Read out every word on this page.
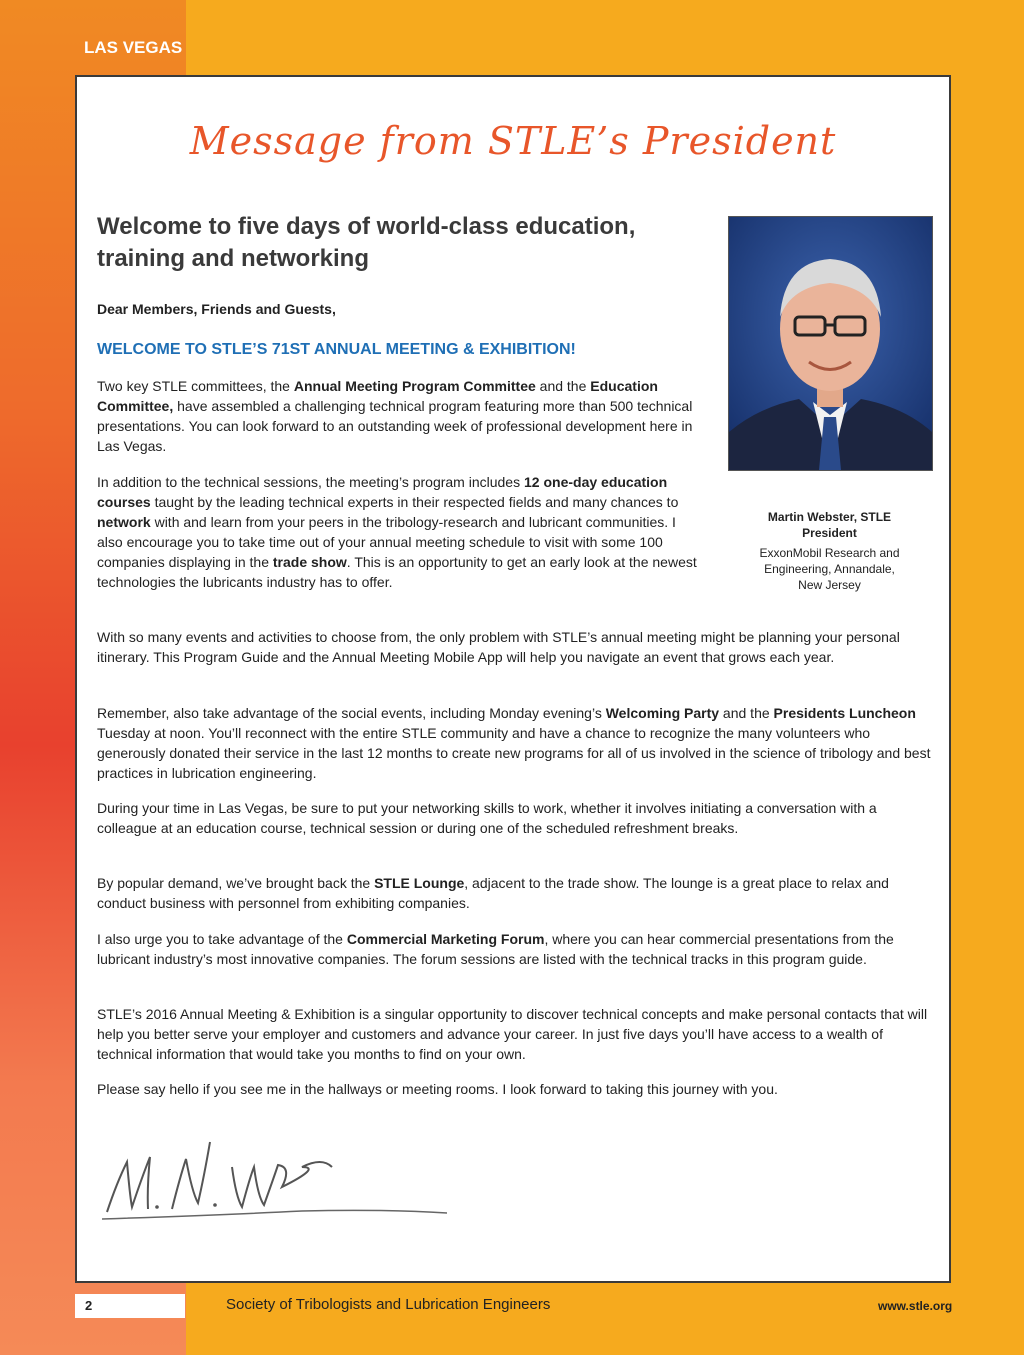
LAS VEGAS
Message from STLE’s President
Welcome to five days of world-class education,
training and networking
Dear Members, Friends and Guests,
WELCOME TO STLE’S 71ST ANNUAL MEETING & EXHIBITION!

Two key STLE committees, the Annual Meeting Program Committee and the Education Committee, have assembled a challenging technical program featuring more than 500 technical presentations. You can look forward to an outstanding week of professional development here in Las Vegas.

In addition to the technical sessions, the meeting’s program includes 12 one-day education courses taught by the leading technical experts in their respected fields and many chances to network with and learn from your peers in the tribology-research and lubricant communities. I also encourage you to take time out of your annual meeting schedule to visit with some 100 companies displaying in the trade show. This is an opportunity to get an early look at the newest technologies the lubricants industry has to offer.

Martin Webster, STLE
President
ExxonMobil Research and
Engineering, Annandale,
New Jersey

With so many events and activities to choose from, the only problem with STLE’s annual meeting might be planning your personal itinerary. This Program Guide and the Annual Meeting Mobile App will help you navigate an event that grows each year.

Remember, also take advantage of the social events, including Monday evening’s Welcoming Party and the Presidents Luncheon Tuesday at noon. You’ll reconnect with the entire STLE community and have a chance to recognize the many volunteers who generously donated their service in the last 12 months to create new programs for all of us involved in the science of tribology and best practices in lubrication engineering.

During your time in Las Vegas, be sure to put your networking skills to work, whether it involves initiating a conversation with a colleague at an education course, technical session or during one of the scheduled refreshment breaks.

By popular demand, we’ve brought back the STLE Lounge, adjacent to the trade show. The lounge is a great place to relax and conduct business with personnel from exhibiting companies.

I also urge you to take advantage of the Commercial Marketing Forum, where you can hear commercial presentations from the lubricant industry’s most innovative companies. The forum sessions are listed with the technical tracks in this program guide.

STLE’s 2016 Annual Meeting & Exhibition is a singular opportunity to discover technical concepts and make personal contacts that will help you better serve your employer and customers and advance your career. In just five days you’ll have access to a wealth of technical information that would take you months to find on your own.

Please say hello if you see me in the hallways or meeting rooms. I look forward to taking this journey with you.

2	Society of Tribologists and Lubrication Engineers	www.stle.org
